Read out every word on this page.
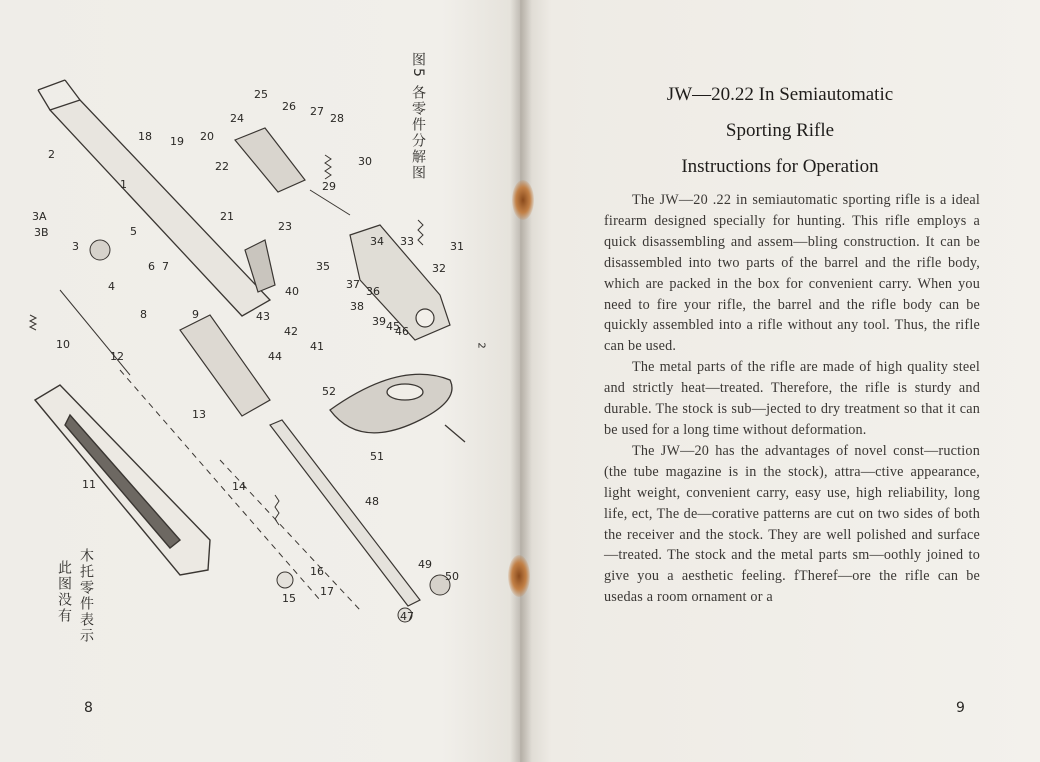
1
2
3
3A
3B
4
5
6 7
8	9
10
11
12
13
14
15
16
17
18 19 20
21
22
23
24
25
26 27
28
29
30
31
32
33
34
35
36
37
38
39
40
41
42
43
44
45
46
47
48
49
50
51
52
图5 各零件分解图
此图没有 木托零件表示
2
8
JW—20.22 In Semiautomatic
Sporting Rifle
Instructions for Operation

The JW—20 .22 in semiautomatic sporting rifle is a ideal firearm designed specially for hunting. This rifle employs a quick disassembling and assem—bling construction. It can be disassembled into two parts of the barrel and the rifle body, which are packed in the box for convenient carry. When you need to fire your rifle, the barrel and the rifle body can be quickly assembled into a rifle without any tool. Thus, the rifle can be used.

The metal parts of the rifle are made of high quality steel and strictly heat—treated. Therefore, the rifle is sturdy and durable. The stock is sub—jected to dry treatment so that it can be used for a long time without deformation.

The JW—20 has the advantages of novel const—ruction (the tube magazine is in the stock), attra—ctive appearance, light weight, convenient carry, easy use, high reliability, long life, ect, The de—corative patterns are cut on two sides of both the receiver and the stock. They are well polished and surface—treated. The stock and the metal parts sm—oothly joined to give you a aesthetic feeling. fTheref—ore the rifle can be usedas a room ornament or a

9
